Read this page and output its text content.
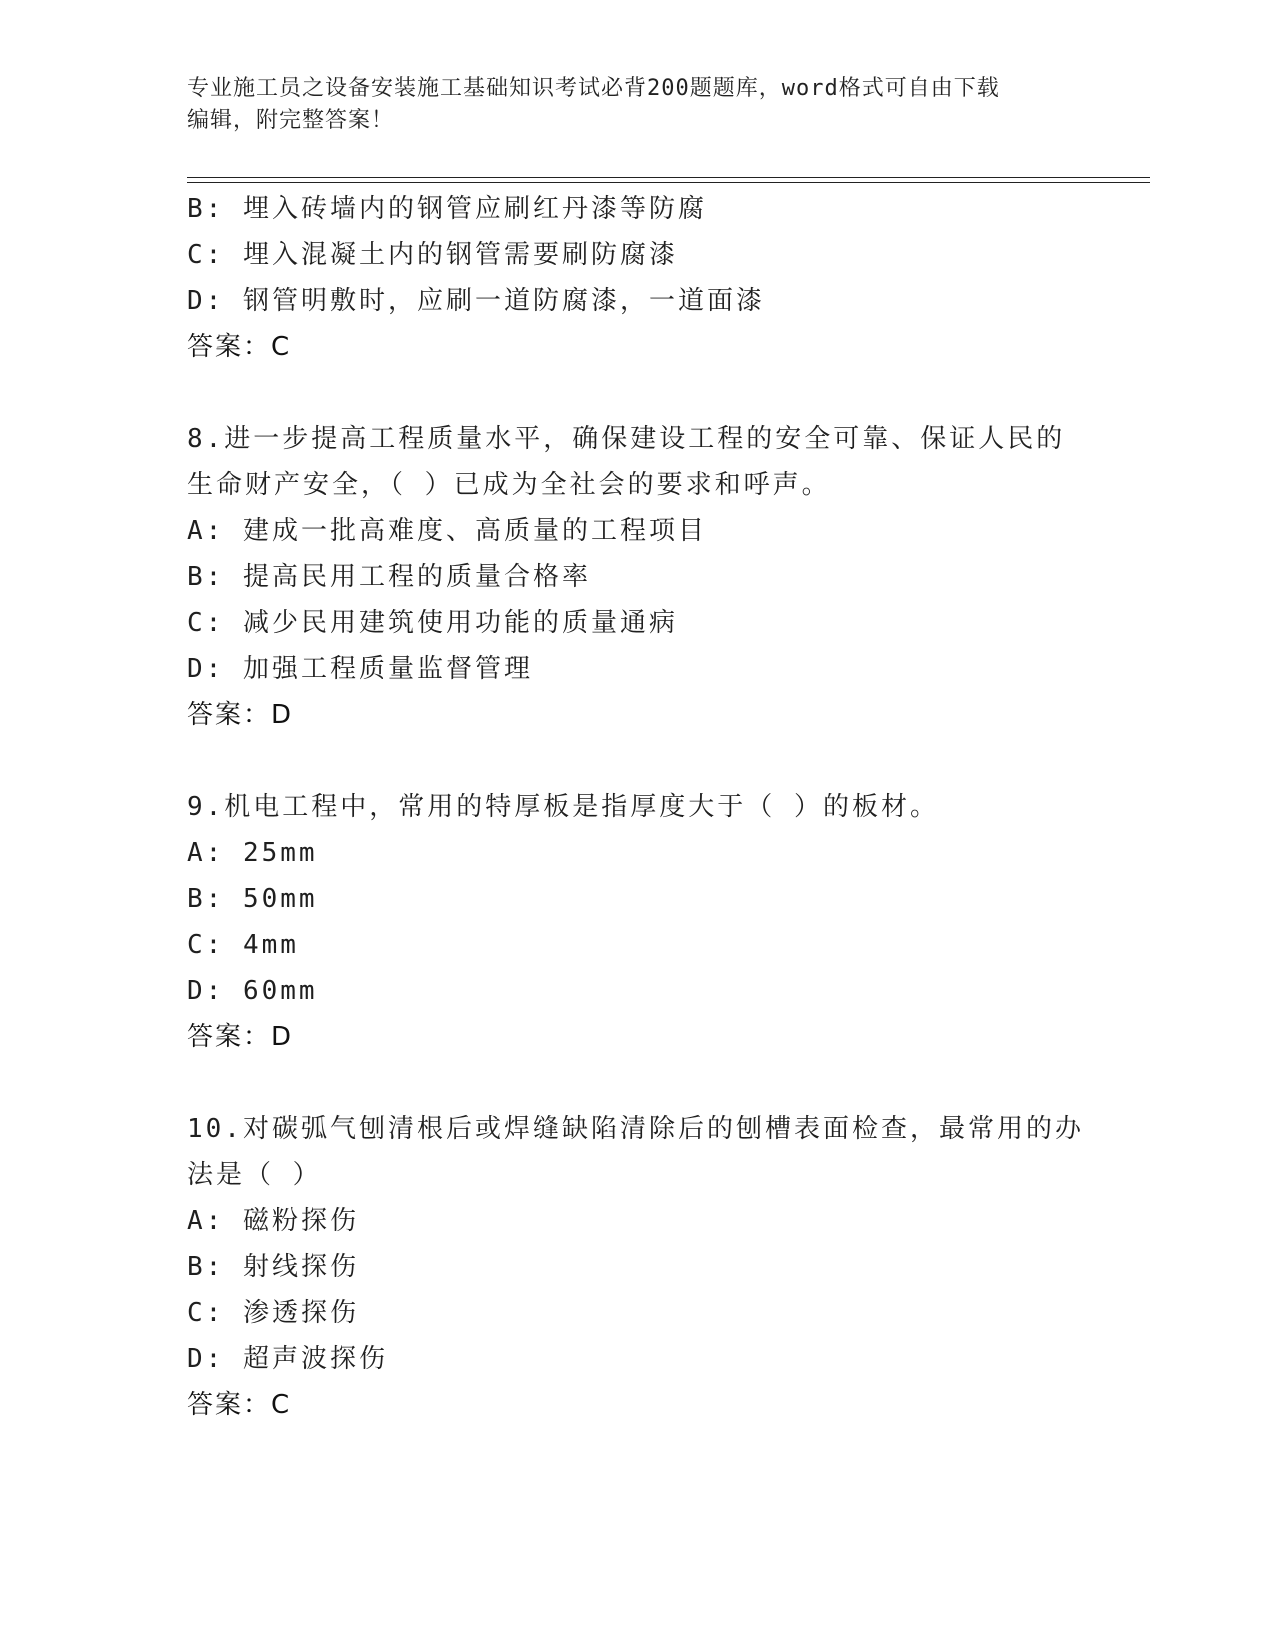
专业施工员之设备安装施工基础知识考试必背200题题库，word格式可自由下载
编辑，附完整答案！
B: 埋入砖墙内的钢管应刷红丹漆等防腐
C: 埋入混凝土内的钢管需要刷防腐漆
D: 钢管明敷时，应刷一道防腐漆，一道面漆
答案：C
8.进一步提高工程质量水平，确保建设工程的安全可靠、保证人民的
生命财产安全，（ ）已成为全社会的要求和呼声。
A: 建成一批高难度、高质量的工程项目
B: 提高民用工程的质量合格率
C: 减少民用建筑使用功能的质量通病
D: 加强工程质量监督管理
答案：D
9.机电工程中，常用的特厚板是指厚度大于（ ）的板材。
A: 25mm
B: 50mm
C: 4mm
D: 60mm
答案：D
10.对碳弧气刨清根后或焊缝缺陷清除后的刨槽表面检查，最常用的办
法是（ ）
A: 磁粉探伤
B: 射线探伤
C: 渗透探伤
D: 超声波探伤
答案：C
